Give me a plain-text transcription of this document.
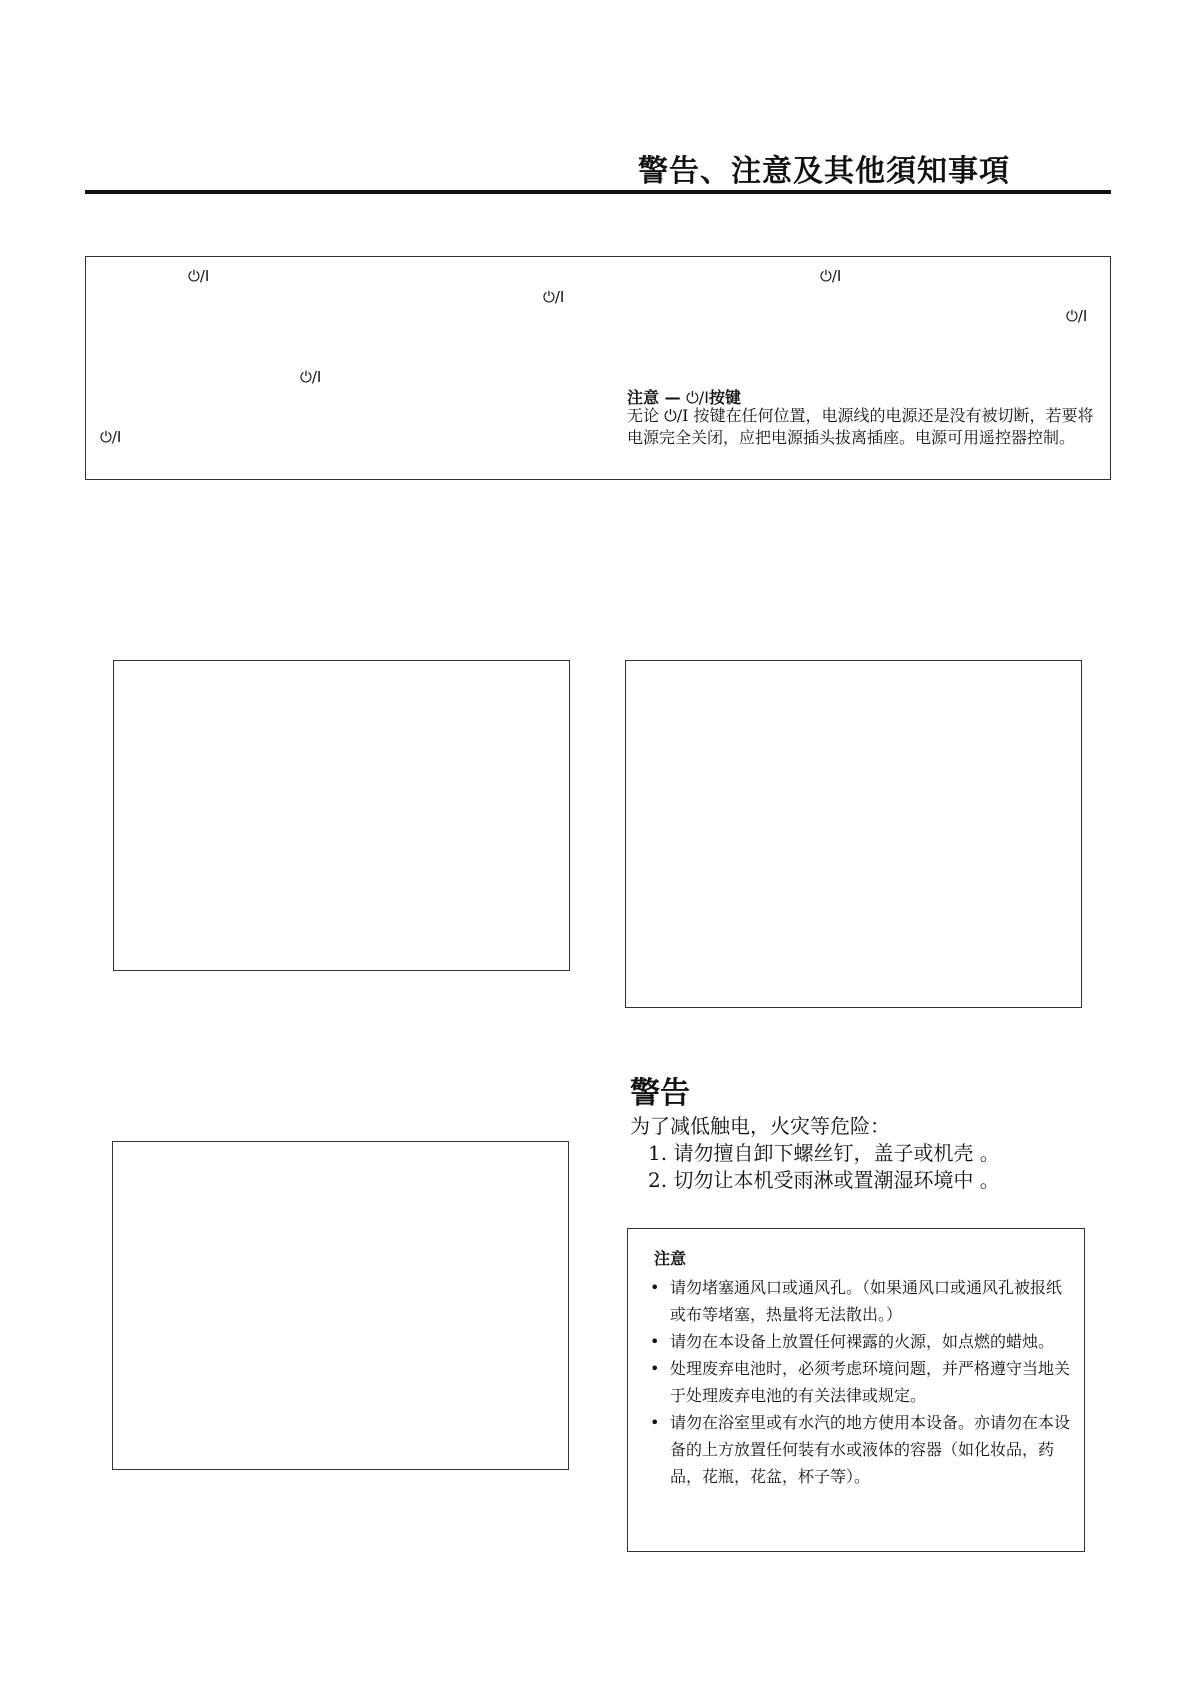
警告、注意及其他須知事項
⏻/I
⏻/I
⏻/I
⏻/I
⏻/I
⏻/I
注意 — ⏻/I按键
无论 ⏻/I 按键在任何位置，电源线的电源还是没有被切断，若要将电源完全关闭，应把电源插头拔离插座。电源可用遥控器控制。
警告
为了减低触电，火灾等危险：
1. 请勿擅自卸下螺丝钉，盖子或机壳 。
2. 切勿让本机受雨淋或置潮湿环境中 。
注意
• 请勿堵塞通风口或通风孔。（如果通风口或通风孔被报纸或布等堵塞，热量将无法散出。）
• 请勿在本设备上放置任何裸露的火源，如点燃的蜡烛。
• 处理废弃电池时，必须考虑环境问题，并严格遵守当地关于处理废弃电池的有关法律或规定。
• 请勿在浴室里或有水汽的地方使用本设备。亦请勿在本设备的上方放置任何装有水或液体的容器（如化妆品，药品，花瓶，花盆，杯子等）。
